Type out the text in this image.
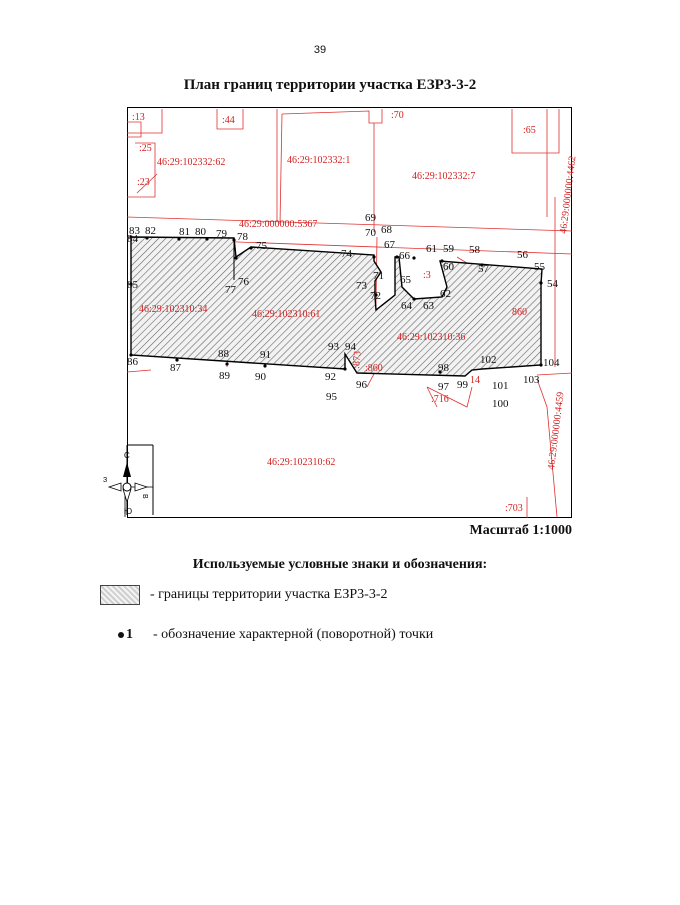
39
План границ территории участка ЕЗР3-3-2
:13	:44	:70
:65
:25
:23
46:29:102332:62	46:29:102332:1
46:29:102332:7
46:29:000000:5367	46:29:000000:4462
46:29:102310:34	46:29:102310:61
46:29:102310:36
:3
860
:860
:716
14
46:29:000000:4459
46:29:102310:62
:703
:873
83 82 81 80 79 78
84
75
74
69
70 68
67
66
61 59 58	56
55
54
76
77
71
73
72
65
64 63
62
60 57
85
86	87
88
89
91
90
93 94
92
95
96
98
97 99
102
101
100
104
103
С
Ю
З
В
Масштаб 1:1000
Используемые условные знаки и обозначения:
- границы территории участка ЕЗР3-3-2
1 - обозначение характерной (поворотной) точки
